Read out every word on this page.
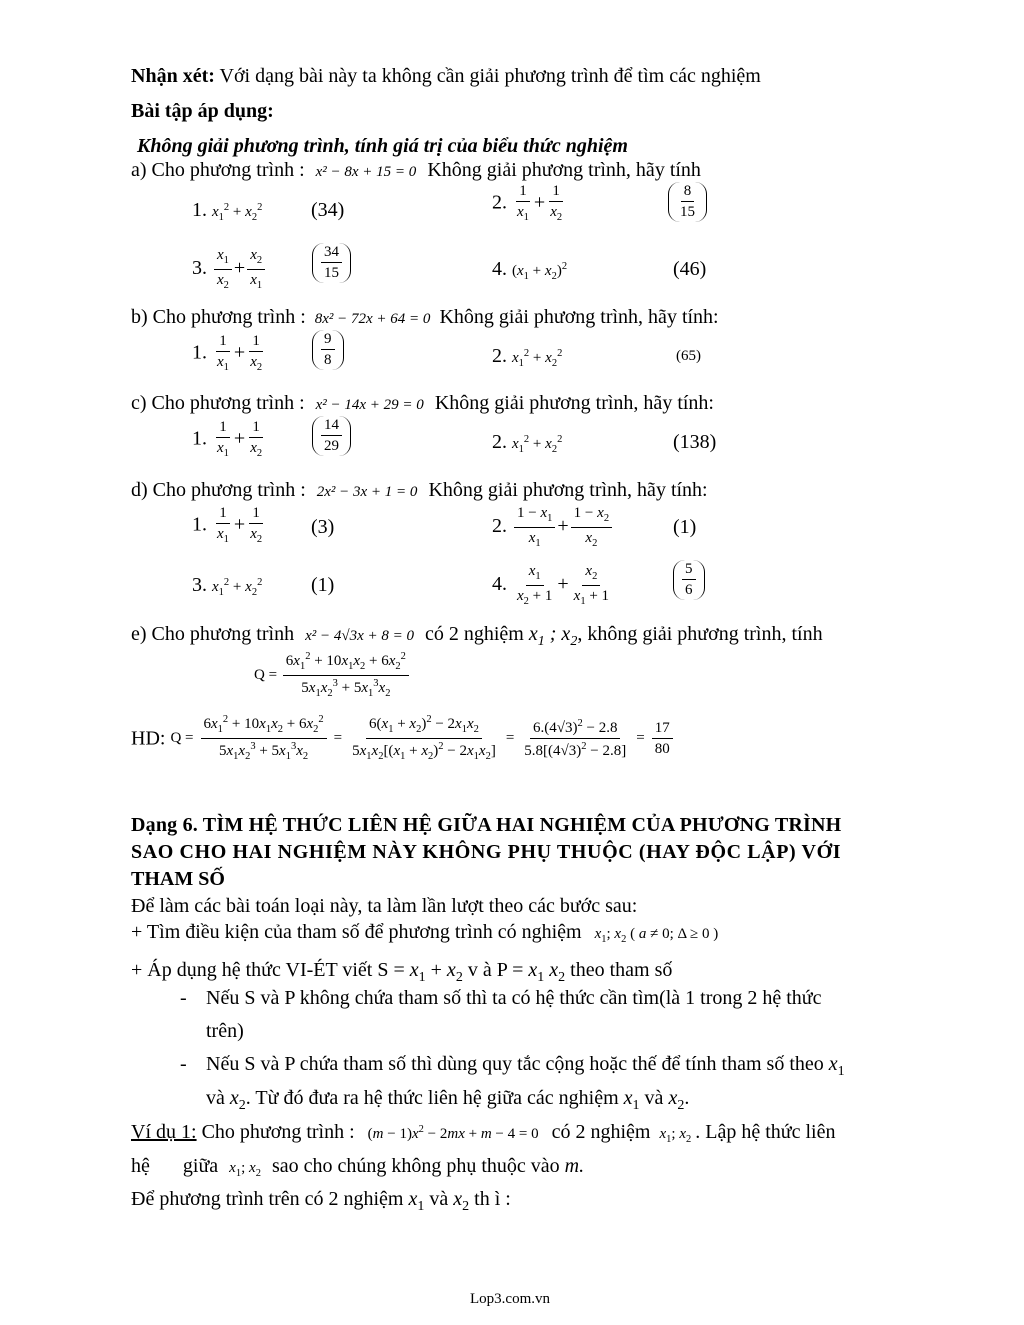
Nhận xét: Với dạng bài này ta không cần giải phương trình để tìm các nghiệm
Bài tập áp dụng:
Không giải phương trình, tính giá trị của biểu thức nghiệm
a) Cho phương trình : x² − 8x + 15 = 0 Không giải phương trình, hãy tính
1. $x_1^2 + x_2^2$ (34)	2. $\frac{1}{x_1} + \frac{1}{x_2}$	$\frac{8}{15}$
3. $\frac{x_1}{x_2} + \frac{x_2}{x_1}$	$\frac{34}{15}$	4. $(x_1 + x_2)^2$	(46)
b) Cho phương trình : 8x² − 72x + 64 = 0 Không giải phương trình, hãy tính:
1. $\frac{1}{x_1} + \frac{1}{x_2}$	$\frac{9}{8}$	2. $x_1^2 + x_2^2$	(65)
c) Cho phương trình : x² − 14x + 29 = 0 Không giải phương trình, hãy tính:
1. $\frac{1}{x_1} + \frac{1}{x_2}$	$\frac{14}{29}$	2. $x_1^2 + x_2^2$	(138)
d) Cho phương trình : 2x² − 3x + 1 = 0 Không giải phương trình, hãy tính:
1. $\frac{1}{x_1} + \frac{1}{x_2} (3)$	2. $\frac{1 - x_1}{x_1} + \frac{1 - x_2}{x_2}$	(1)
3. $x_1^2 + x_2^2$ (1)	4. $\frac{x_1}{x_2 + 1} + \frac{x_2}{x_1 + 1}$	$\frac{5}{6}$
e) Cho phương trình x² − 4√3x + 8 = 0 có 2 nghiệm $x_1$ ; $x_2$, không giải phương trình, tính
$Q = \frac{6x_1^2 + 10x_1x_2 + 6x_2^2}{5x_1x_2^3 + 5x_1^3x_2}$
HD: $Q = \frac{6x_1^2 + 10x_1x_2 + 6x_2^2}{5x_1x_2^3 + 5x_1^3x_2} = \frac{6(x_1 + x_2)^2 - 2x_1x_2}{5x_1x_2[(x_1 + x_2)^2 - 2x_1x_2]} = \frac{6.(4√3)^2 - 2.8}{5.8[(4√3)^2 - 2.8]} = \frac{17}{80}$
Dạng 6. TÌM HỆ THỨC LIÊN HỆ GIỮA HAI NGHIỆM CỦA PHƯƠNG TRÌNH
SAO CHO HAI NGHIỆM NÀY KHÔNG PHỤ THUỘC (HAY ĐỘC LẬP) VỚI
THAM SỐ
Để làm các bài toán loại này, ta làm lần lượt theo các bước sau:
+ Tìm điều kiện của tham số để phương trình có nghiệm $x_1$; $x_2$ ( a ≠ 0; Δ ≥ 0 )
+ Áp dụng hệ thức VI-ÉT viết $S = x_1 + x_2$ v à $P = x_1$ $x_2$ theo tham số
- Nếu S và P không chứa tham số thì ta có hệ thức cần tìm(là 1 trong 2 hệ thức
trên)
- Nếu S và P chứa tham số thì dùng quy tắc cộng hoặc thế để tính tham số theo $x_1$
và $x_2$. Từ đó đưa ra hệ thức liên hệ giữa các nghiệm $x_1$ và $x_2$.
Ví dụ 1: Cho phương trình : $(m - 1)x^2 - 2mx + m - 4 = 0$ có 2 nghiệm $x_1$; $x_2$ . Lập hệ thức liên
hệ giữa $x_1$; $x_2$ sao cho chúng không phụ thuộc vào m.
Để phương trình trên có 2 nghiệm $x_1$ và $x_2$ th ì :
Lop3.com.vn
